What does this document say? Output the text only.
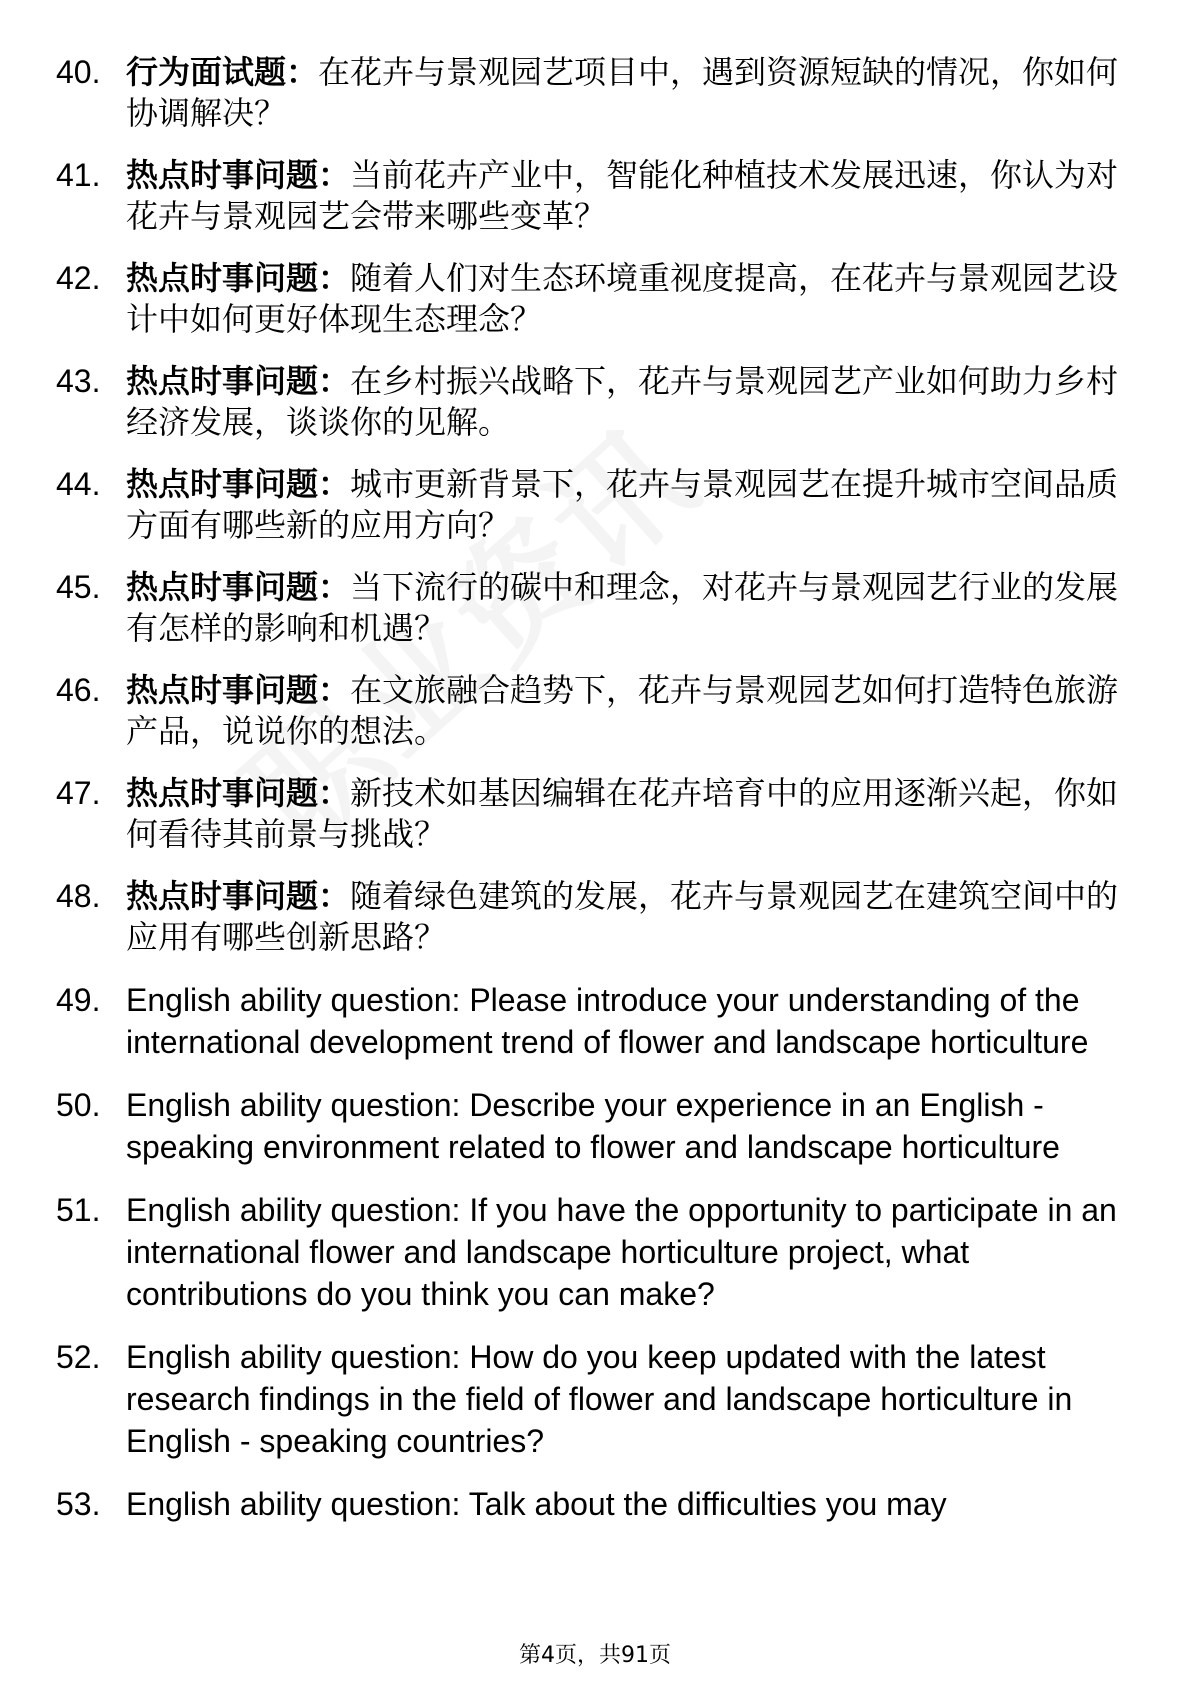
40. 行为面试题：在花卉与景观园艺项目中，遇到资源短缺的情况，你如何协调解决？
41. 热点时事问题：当前花卉产业中，智能化种植技术发展迅速，你认为对花卉与景观园艺会带来哪些变革？
42. 热点时事问题：随着人们对生态环境重视度提高，在花卉与景观园艺设计中如何更好体现生态理念？
43. 热点时事问题：在乡村振兴战略下，花卉与景观园艺产业如何助力乡村经济发展，谈谈你的见解。
44. 热点时事问题：城市更新背景下，花卉与景观园艺在提升城市空间品质方面有哪些新的应用方向？
45. 热点时事问题：当下流行的碳中和理念，对花卉与景观园艺行业的发展有怎样的影响和机遇？
46. 热点时事问题：在文旅融合趋势下，花卉与景观园艺如何打造特色旅游产品，说说你的想法。
47. 热点时事问题：新技术如基因编辑在花卉培育中的应用逐渐兴起，你如何看待其前景与挑战？
48. 热点时事问题：随着绿色建筑的发展，花卉与景观园艺在建筑空间中的应用有哪些创新思路？
49. English ability question: Please introduce your understanding of the international development trend of flower and landscape horticulture
50. English ability question: Describe your experience in an English - speaking environment related to flower and landscape horticulture
51. English ability question: If you have the opportunity to participate in an international flower and landscape horticulture project, what contributions do you think you can make?
52. English ability question: How do you keep updated with the latest research findings in the field of flower and landscape horticulture in English - speaking countries?
53. English ability question: Talk about the difficulties you may
第4页，共91页
